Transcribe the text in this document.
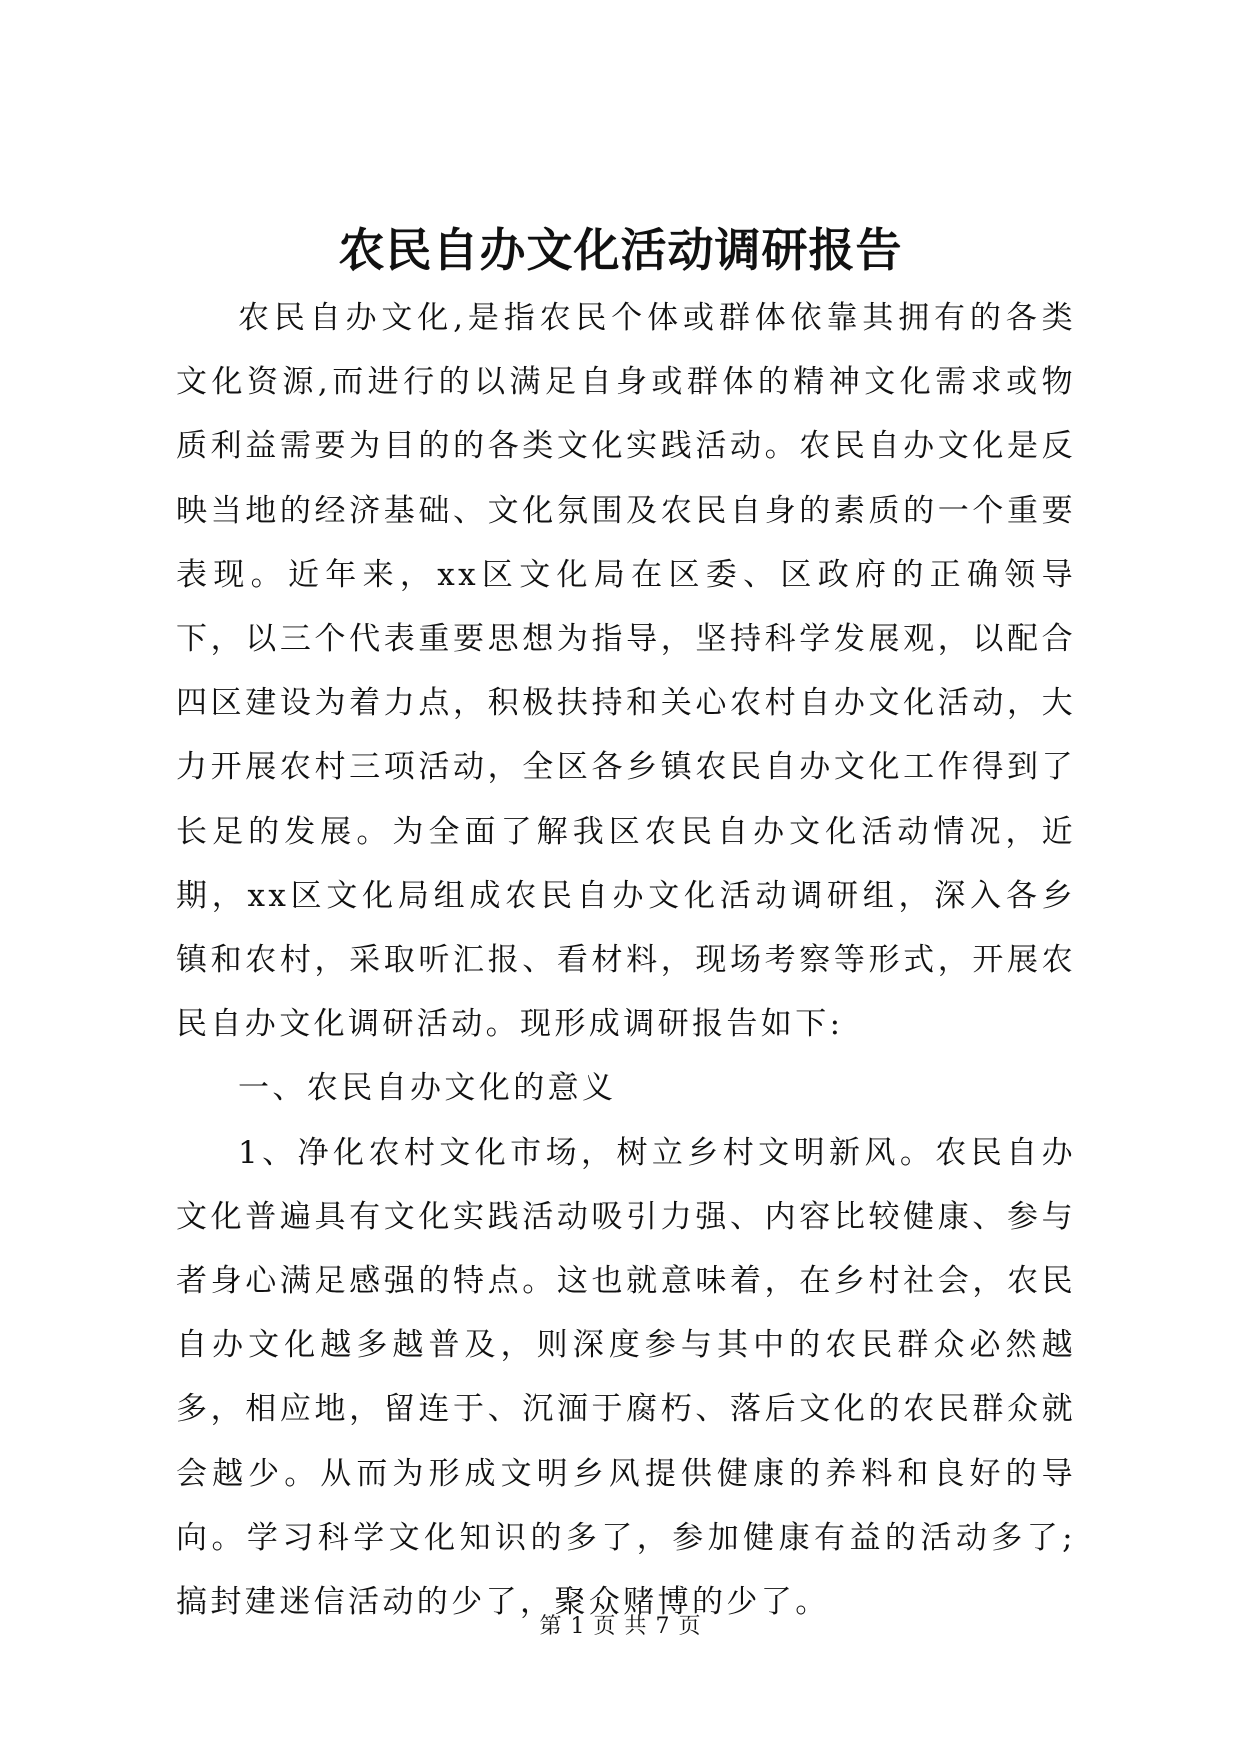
农民自办文化活动调研报告

农民自办文化,是指农民个体或群体依靠其拥有的各类文化资源,而进行的以满足自身或群体的精神文化需求或物质利益需要为目的的各类文化实践活动。农民自办文化是反映当地的经济基础、文化氛围及农民自身的素质的一个重要表现。近年来，xx区文化局在区委、区政府的正确领导下，以三个代表重要思想为指导，坚持科学发展观，以配合四区建设为着力点，积极扶持和关心农村自办文化活动，大力开展农村三项活动，全区各乡镇农民自办文化工作得到了长足的发展。为全面了解我区农民自办文化活动情况，近期，xx区文化局组成农民自办文化活动调研组，深入各乡镇和农村，采取听汇报、看材料，现场考察等形式，开展农民自办文化调研活动。现形成调研报告如下:

一、农民自办文化的意义

1、净化农村文化市场，树立乡村文明新风。农民自办文化普遍具有文化实践活动吸引力强、内容比较健康、参与者身心满足感强的特点。这也就意味着，在乡村社会，农民自办文化越多越普及，则深度参与其中的农民群众必然越多，相应地，留连于、沉湎于腐朽、落后文化的农民群众就会越少。从而为形成文明乡风提供健康的养料和良好的导向。学习科学文化知识的多了，参加健康有益的活动多了;搞封建迷信活动的少了，聚众赌博的少了。

第 1 页 共 7 页
